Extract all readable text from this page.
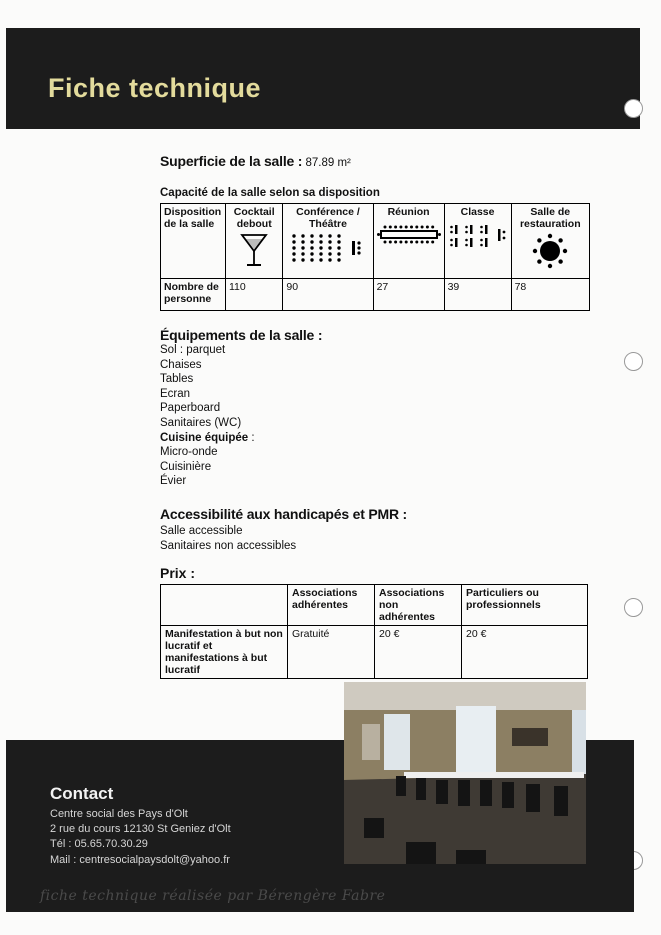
Fiche technique
Superficie de la salle : 87.89 m²
Capacité de la salle selon sa disposition
Disposition de la salle	Cocktail debout	Conférence / Théâtre	Réunion	Classe	Salle de restauration

Nombre de personne	110	90	27	39	78
Équipements de la salle :
Sol : parquet
Chaises
Tables
Ecran
Paperboard
Sanitaires (WC)
Cuisine équipée :
Micro-onde
Cuisinière
Évier
Accessibilité aux handicapés et PMR :
Salle accessible
Sanitaires non accessibles
Prix :
	Associations adhérentes	Associations non adhérentes	Particuliers ou professionnels
Manifestation à but non lucratif et manifestations à but lucratif	Gratuité	20 €	20 €
Contact
Centre social des Pays d'Olt
2 rue du cours 12130 St Geniez d'Olt
Tél : 05.65.70.30.29
Mail : centresocialpaysdolt@yahoo.fr
fiche technique réalisée par Bérengère Fabre
